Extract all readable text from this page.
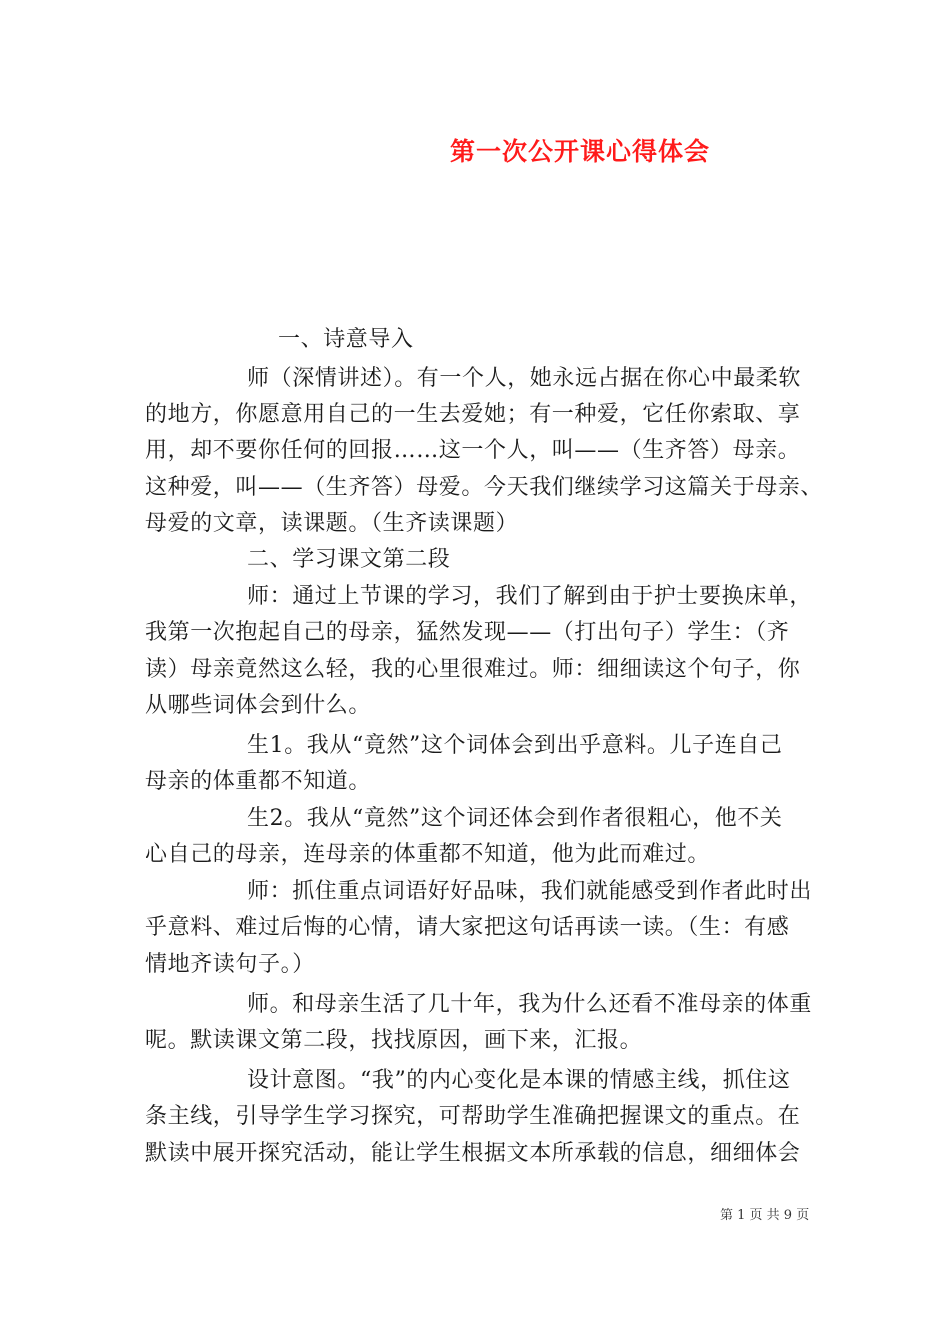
第一次公开课心得体会
一、诗意导入
师（深情讲述）。有一个人，她永远占据在你心中最柔软
的地方，你愿意用自己的一生去爱她；有一种爱，它任你索取、享
用，却不要你任何的回报……这一个人，叫——（生齐答）母亲。
这种爱，叫——（生齐答）母爱。今天我们继续学习这篇关于母亲、
母爱的文章，读课题。（生齐读课题）
二、学习课文第二段
师：通过上节课的学习，我们了解到由于护士要换床单，
我第一次抱起自己的母亲，猛然发现——（打出句子）学生：（齐
读）母亲竟然这么轻，我的心里很难过。师：细细读这个句子，你
从哪些词体会到什么。
生1。我从“竟然”这个词体会到出乎意料。儿子连自己
母亲的体重都不知道。
生2。我从“竟然”这个词还体会到作者很粗心，他不关
心自己的母亲，连母亲的体重都不知道，他为此而难过。
师：抓住重点词语好好品味，我们就能感受到作者此时出
乎意料、难过后悔的心情，请大家把这句话再读一读。（生：有感
情地齐读句子。）
师。和母亲生活了几十年，我为什么还看不准母亲的体重
呢。默读课文第二段，找找原因，画下来，汇报。
设计意图。“我”的内心变化是本课的情感主线，抓住这
条主线，引导学生学习探究，可帮助学生准确把握课文的重点。在
默读中展开探究活动，能让学生根据文本所承载的信息，细细体会
第 1 页 共 9 页
